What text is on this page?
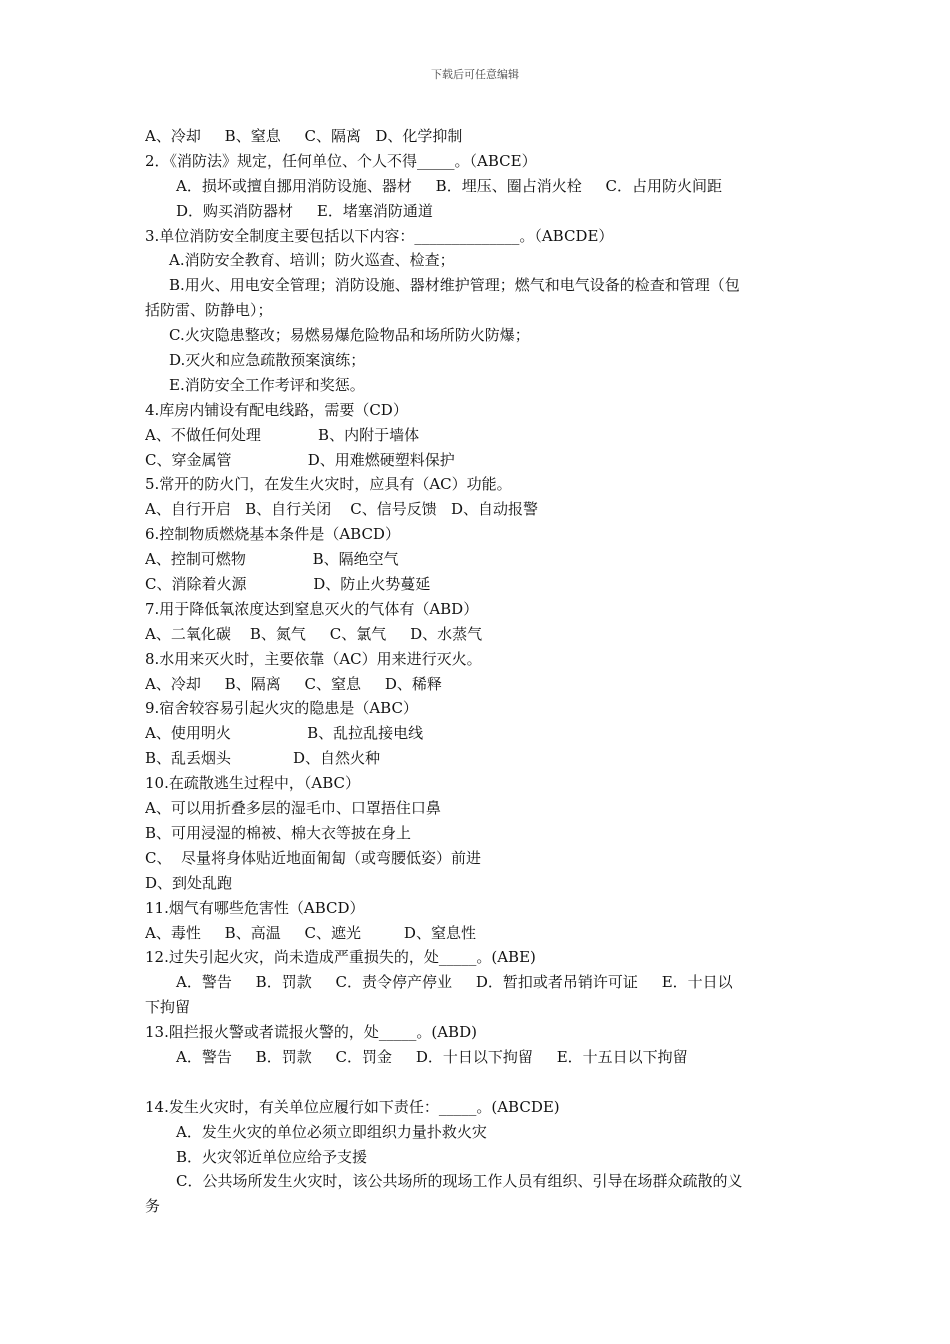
下载后可任意编辑
A、冷却     B、窒息     C、隔离   D、化学抑制
2．《消防法》规定，任何单位、个人不得_____。（ABCE）
A．损坏或擅自挪用消防设施、器材     B．埋压、圈占消火栓     C．占用防火间距
D．购买消防器材     E．堵塞消防通道
3.单位消防安全制度主要包括以下内容：______________。（ABCDE）
A.消防安全教育、培训；防火巡查、检查；
B.用火、用电安全管理；消防设施、器材维护管理；燃气和电气设备的检查和管理（包
括防雷、防静电）；
C.火灾隐患整改；易燃易爆危险物品和场所防火防爆；
D.灭火和应急疏散预案演练；
E.消防安全工作考评和奖惩。
4.库房内铺设有配电线路，需要（CD）
A、不做任何处理            B、内附于墙体
C、穿金属管                D、用难燃硬塑料保护
5.常开的防火门，在发生火灾时，应具有（AC）功能。
A、自行开启   B、自行关闭    C、信号反馈   D、自动报警
6.控制物质燃烧基本条件是（ABCD）
A、控制可燃物              B、隔绝空气
C、消除着火源              D、防止火势蔓延
7.用于降低氧浓度达到窒息灭火的气体有（ABD）
A、二氧化碳    B、氮气     C、氯气     D、水蒸气
8.水用来灭火时，主要依靠（AC）用来进行灭火。
A、冷却     B、隔离     C、窒息     D、稀释
9.宿舍较容易引起火灾的隐患是（ABC）
A、使用明火                B、乱拉乱接电线
B、乱丢烟头             D、自然火种
10.在疏散逃生过程中，（ABC）
A、可以用折叠多层的湿毛巾、口罩捂住口鼻
B、可用浸湿的棉被、棉大衣等披在身上
C、  尽量将身体贴近地面匍匐（或弯腰低姿）前进
D、到处乱跑
11.烟气有哪些危害性（ABCD）
A、毒性     B、高温     C、遮光         D、窒息性
12.过失引起火灾，尚未造成严重损失的，处_____。(ABE)
A．警告     B．罚款     C．责令停产停业     D．暂扣或者吊销许可证     E．十日以
下拘留
13.阻拦报火警或者谎报火警的，处_____。(ABD)
A．警告     B．罚款     C．罚金     D．十日以下拘留     E．十五日以下拘留
14.发生火灾时，有关单位应履行如下责任：_____。(ABCDE)
A．发生火灾的单位必须立即组织力量扑救火灾
B．火灾邻近单位应给予支援
C．公共场所发生火灾时，该公共场所的现场工作人员有组织、引导在场群众疏散的义
务
